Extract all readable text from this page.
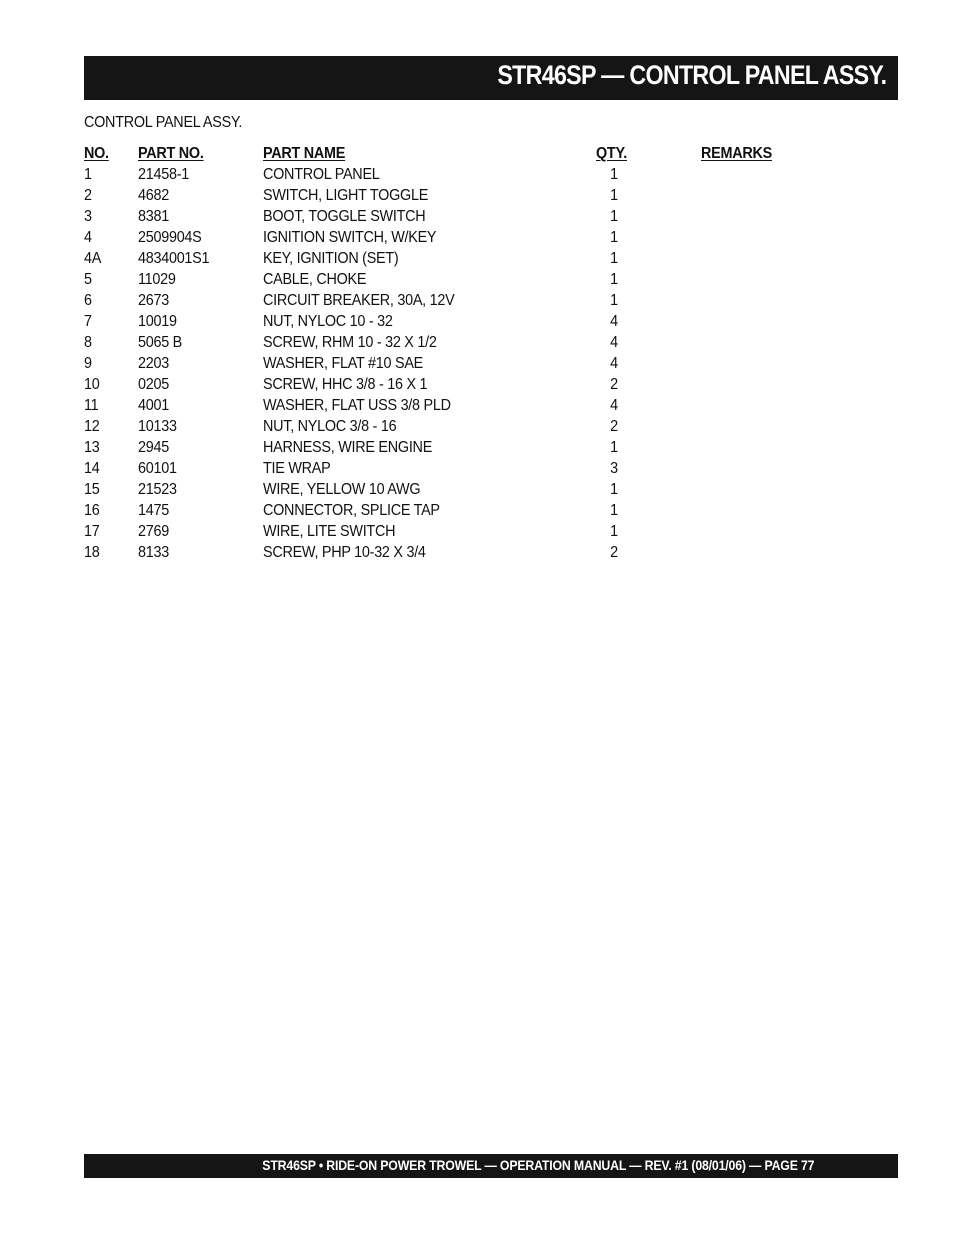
STR46SP — CONTROL PANEL ASSY.
CONTROL PANEL ASSY.
NO. PART NO.	PART NAME	QTY.	REMARKS
1	21458-1	CONTROL PANEL	1
2	4682	SWITCH, LIGHT TOGGLE	1
3	8381	BOOT, TOGGLE SWITCH	1
4	2509904S	IGNITION SWITCH, W/KEY	1
4A 4834001S1	KEY, IGNITION (SET)	1
5	11029	CABLE, CHOKE	1
6	2673	CIRCUIT BREAKER, 30A, 12V	1
7	10019	NUT, NYLOC 10 - 32	4
8	5065 B	SCREW, RHM 10 - 32 X 1/2	4
9	2203	WASHER, FLAT #10 SAE	4
10 0205	SCREW, HHC 3/8 - 16 X 1	2
11 4001	WASHER, FLAT USS 3/8 PLD	4
12 10133	NUT, NYLOC 3/8 - 16	2
13 2945	HARNESS, WIRE ENGINE	1
14 60101	TIE WRAP	3
15 21523	WIRE, YELLOW 10 AWG	1
16 1475	CONNECTOR, SPLICE TAP	1
17 2769	WIRE, LITE SWITCH	1
18 8133	SCREW, PHP 10-32 X 3/4	2
STR46SP • RIDE-ON POWER TROWEL — OPERATION MANUAL — REV. #1 (08/01/06) — PAGE 77
